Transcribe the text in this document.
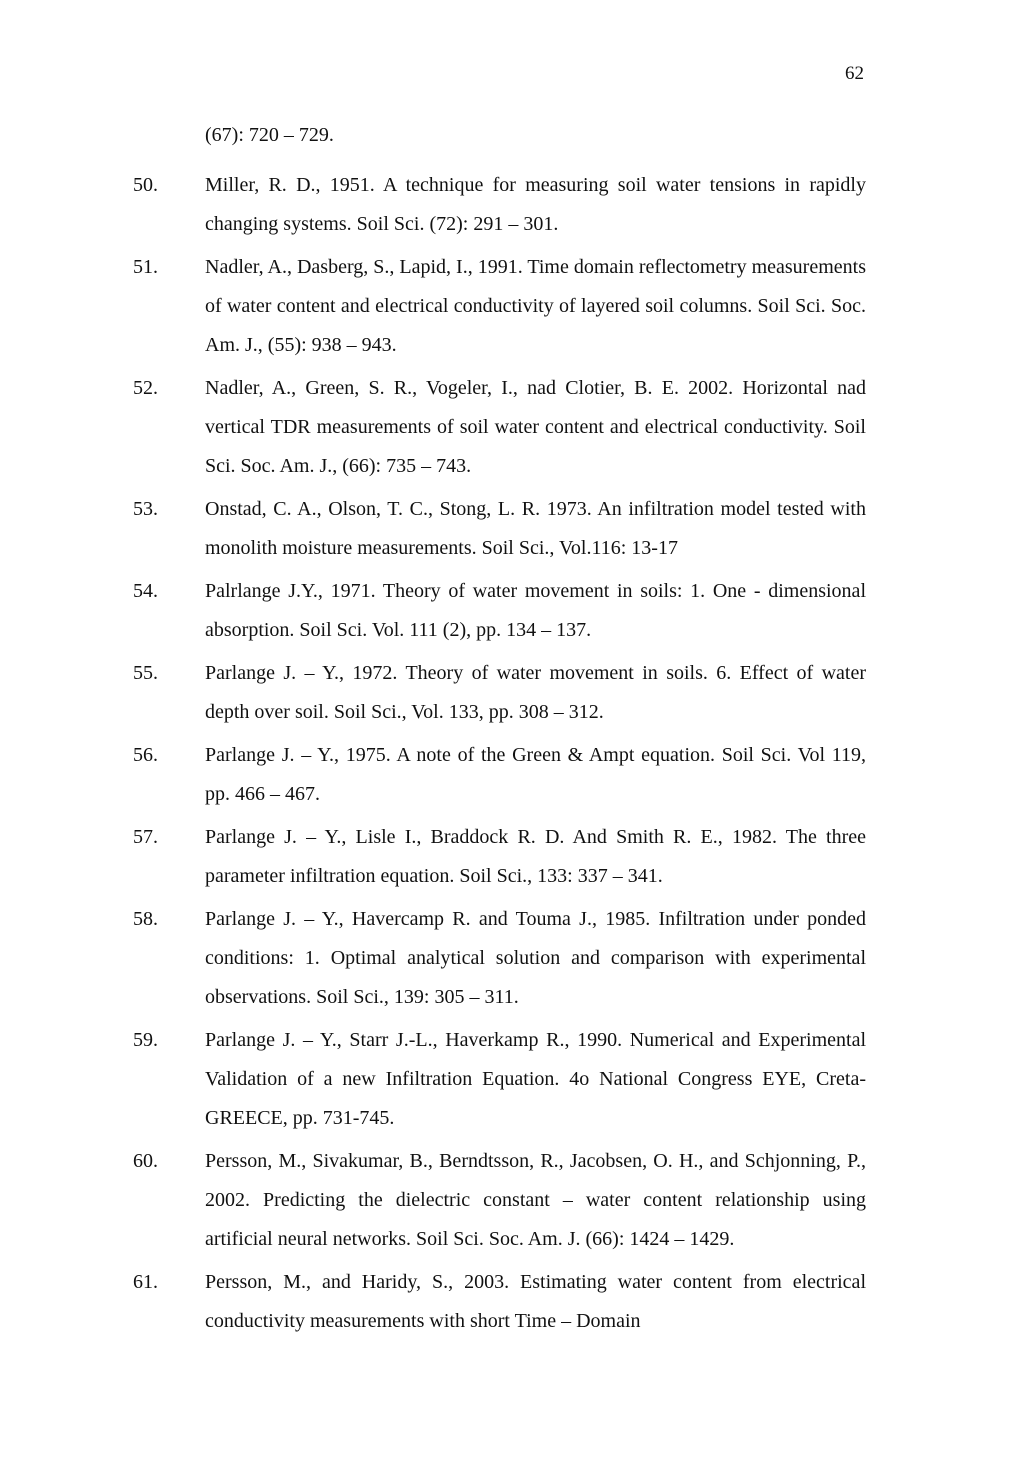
62
(67): 720 – 729.
50.	Miller, R. D., 1951. A technique for measuring soil water tensions in rapidly changing systems. Soil Sci. (72): 291 – 301.
51.	Nadler, A., Dasberg, S., Lapid, I., 1991. Time domain reflectometry measurements of water content and electrical conductivity of layered soil columns. Soil Sci. Soc. Am. J., (55): 938 – 943.
52.	Nadler, A., Green, S. R., Vogeler, I., nad Clotier, B. E. 2002. Horizontal nad vertical TDR measurements of soil water content and electrical conductivity. Soil Sci. Soc. Am. J., (66): 735 – 743.
53.	Onstad, C. A., Olson, T. C., Stong, L. R. 1973. An infiltration model tested with monolith moisture measurements. Soil Sci., Vol.116: 13-17
54.	Palrlange J.Y., 1971. Theory of water movement in soils: 1. One - dimensional absorption. Soil Sci. Vol. 111 (2), pp. 134 – 137.
55.	Parlange J. – Y., 1972. Theory of water movement in soils. 6. Effect of water depth over soil. Soil Sci., Vol. 133, pp. 308 – 312.
56.	Parlange J. – Y., 1975. A note of the Green & Ampt equation. Soil Sci. Vol 119, pp. 466 – 467.
57.	Parlange J. – Y., Lisle I., Braddock R. D. And Smith R. E., 1982. The three parameter infiltration equation. Soil Sci., 133: 337 – 341.
58.	Parlange J. – Y., Havercamp R. and Touma J., 1985. Infiltration under ponded conditions: 1. Optimal analytical solution and comparison with experimental observations. Soil Sci., 139: 305 – 311.
59.	Parlange J. – Y., Starr J.-L., Haverkamp R., 1990. Numerical and Experimental Validation of a new Infiltration Equation. 4o National Congress EYE, Creta-GREECE, pp. 731-745.
60.	Persson, M., Sivakumar, B., Berndtsson, R., Jacobsen, O. H., and Schjonning, P., 2002. Predicting the dielectric constant – water content relationship using artificial neural networks. Soil Sci. Soc. Am. J. (66): 1424 – 1429.
61.	Persson, M., and Haridy, S., 2003. Estimating water content from electrical conductivity measurements with short Time – Domain
